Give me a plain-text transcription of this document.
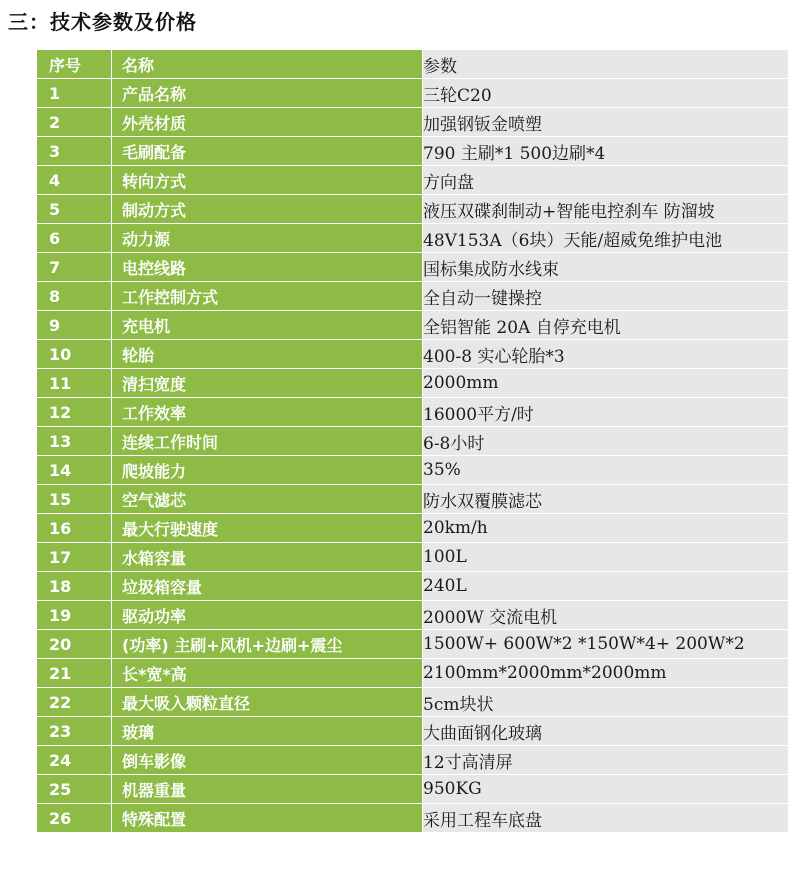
三：技术参数及价格
序号	名称	参数
1	产品名称	三轮C20
2	外壳材质	加强钢钣金喷塑
3	毛刷配备	790 主刷*1 500边刷*4
4	转向方式	方向盘
5	制动方式	液压双碟刹制动+智能电控刹车 防溜坡
6	动力源	48V153A（6块）天能/超威免维护电池
7	电控线路	国标集成防水线束
8	工作控制方式	全自动一键操控
9	充电机	全铝智能 20A 自停充电机
10	轮胎	400-8 实心轮胎*3
11	清扫宽度	2000mm
12	工作效率	16000平方/时
13	连续工作时间	6-8小时
14	爬坡能力	35%
15	空气滤芯	防水双覆膜滤芯
16	最大行驶速度	20km/h
17	水箱容量	100L
18	垃圾箱容量	240L
19	驱动功率	2000W 交流电机
20	(功率) 主刷+风机+边刷+震尘	1500W+ 600W*2 *150W*4+ 200W*2
21	长*宽*高	2100mm*2000mm*2000mm
22	最大吸入颗粒直径	5cm块状
23	玻璃	大曲面钢化玻璃
24	倒车影像	12寸高清屏
25	机器重量	950KG
26	特殊配置	采用工程车底盘
